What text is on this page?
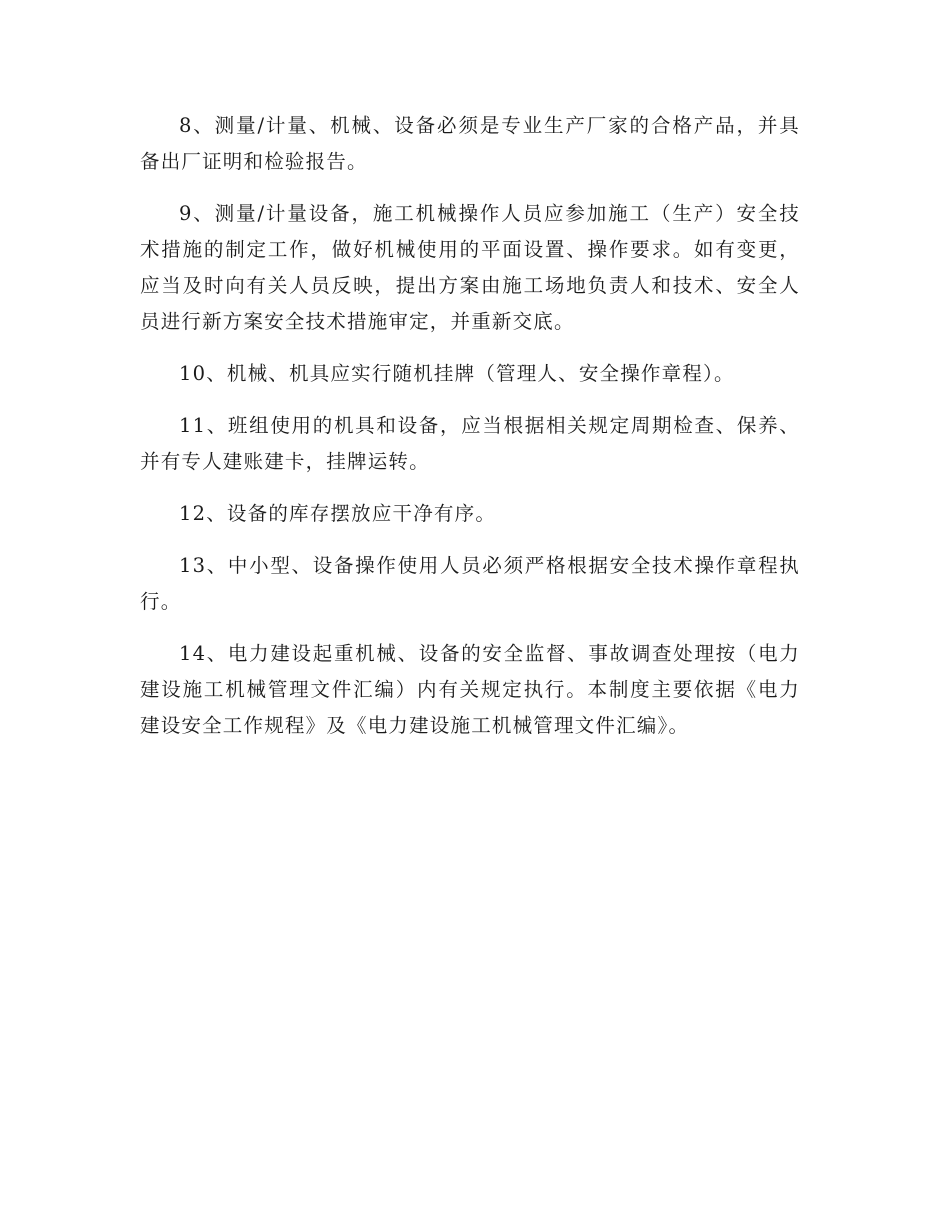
8、测量/计量、机械、设备必须是专业生产厂家的合格产品，并具备出厂证明和检验报告。

9、测量/计量设备，施工机械操作人员应参加施工（生产）安全技术措施的制定工作，做好机械使用的平面设置、操作要求。如有变更，应当及时向有关人员反映，提出方案由施工场地负责人和技术、安全人员进行新方案安全技术措施审定，并重新交底。

10、机械、机具应实行随机挂牌（管理人、安全操作章程）。

11、班组使用的机具和设备，应当根据相关规定周期检查、保养、并有专人建账建卡，挂牌运转。

12、设备的库存摆放应干净有序。

13、中小型、设备操作使用人员必须严格根据安全技术操作章程执行。

14、电力建设起重机械、设备的安全监督、事故调查处理按（电力建设施工机械管理文件汇编）内有关规定执行。本制度主要依据《电力建设安全工作规程》及《电力建设施工机械管理文件汇编》。
